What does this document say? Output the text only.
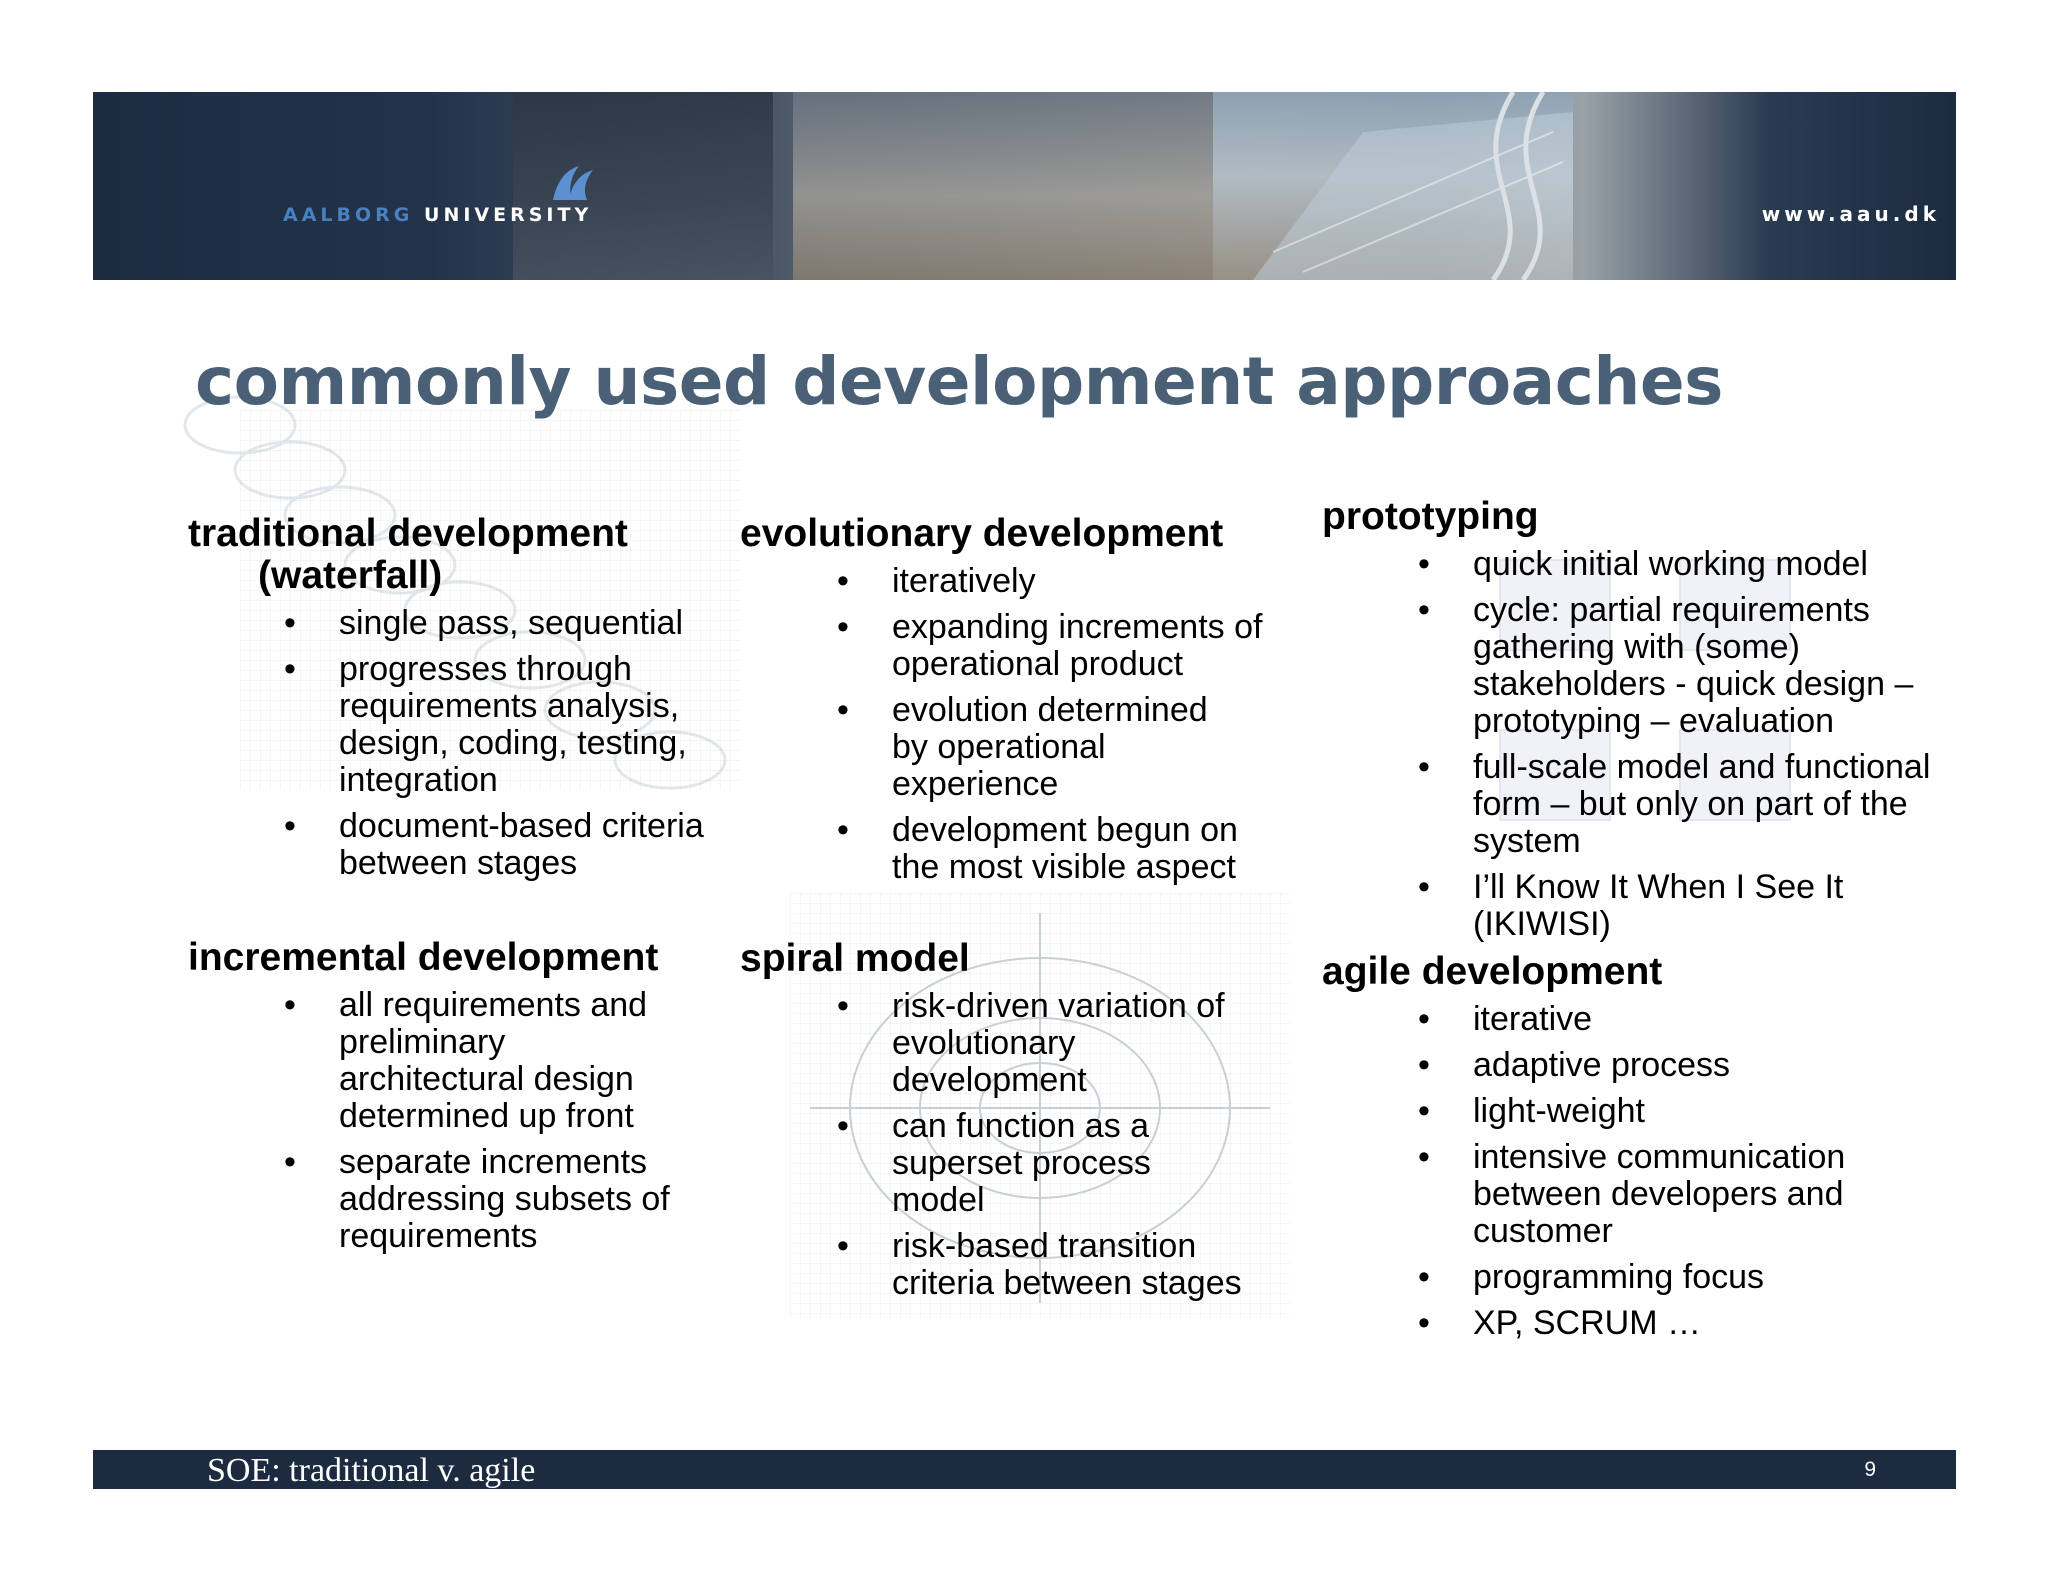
AALBORG UNIVERSITY	www.aau.dk
commonly used development approaches
traditional development
(waterfall)
• single pass, sequential
• progresses through requirements analysis, design, coding, testing, integration
• document-based criteria between stages
incremental development
• all requirements and preliminary architectural design determined up front
• separate increments addressing subsets of requirements
evolutionary development
• iteratively
• expanding increments of operational product
• evolution determined by operational experience
• development begun on the most visible aspect
spiral model
• risk-driven variation of evolutionary development
• can function as a superset process model
• risk-based transition criteria between stages
prototyping
• quick initial working model
• cycle: partial requirements gathering with (some) stakeholders - quick design – prototyping – evaluation
• full-scale model and functional form – but only on part of the system
• I’ll Know It When I See It (IKIWISI)
agile development
• iterative
• adaptive process
• light-weight
• intensive communication between developers and customer
• programming focus
• XP, SCRUM …
SOE: traditional v. agile	9
